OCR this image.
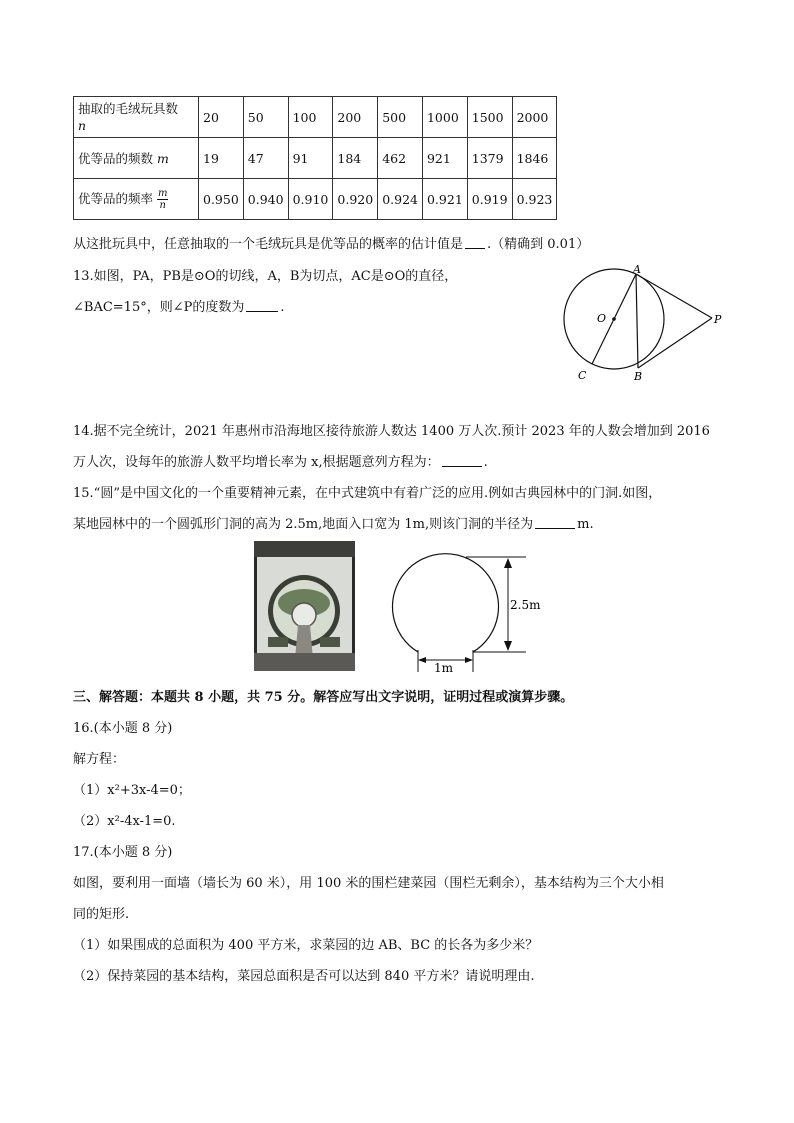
抽取的毛绒玩具数
n	20	50	100	200	500	1000	1500	2000
优等品的频数 m	19	47	91	184	462	921	1379	1846
优等品的频率 $\frac{m}{n}$	0.950	0.940	0.910	0.920	0.924	0.921	0.919	0.923
从这批玩具中，任意抽取的一个毛绒玩具是优等品的概率的估计值是 .（精确到 0.01）
13.如图，PA，PB是⊙O的切线，A，B为切点，AC是⊙O的直径，
∠BAC=15°，则∠P的度数为	.
A
B
C
O	P
14.据不完全统计，2021 年惠州市沿海地区接待旅游人数达 1400 万人次.预计 2023 年的人数会增加到 2016
万人次，设每年的旅游人数平均增长率为 x,根据题意列方程为：	.
15.“圆”是中国文化的一个重要精神元素，在中式建筑中有着广泛的应用.例如古典园林中的门洞.如图，
某地园林中的一个圆弧形门洞的高为 2.5m,地面入口宽为 1m,则该门洞的半径为	m.
2.5m
1m
三、解答题：本题共 8 小题，共 75 分。解答应写出文字说明，证明过程或演算步骤。
16.(本小题 8 分)
解方程：
（1）x²+3x-4=0；
（2）x²-4x-1=0.
17.(本小题 8 分)
如图，要利用一面墙（墙长为 60 米），用 100 米的围栏建菜园（围栏无剩余），基本结构为三个大小相
同的矩形.
（1）如果围成的总面积为 400 平方米，求菜园的边 AB、BC 的长各为多少米？
（2）保持菜园的基本结构，菜园总面积是否可以达到 840 平方米？请说明理由.
